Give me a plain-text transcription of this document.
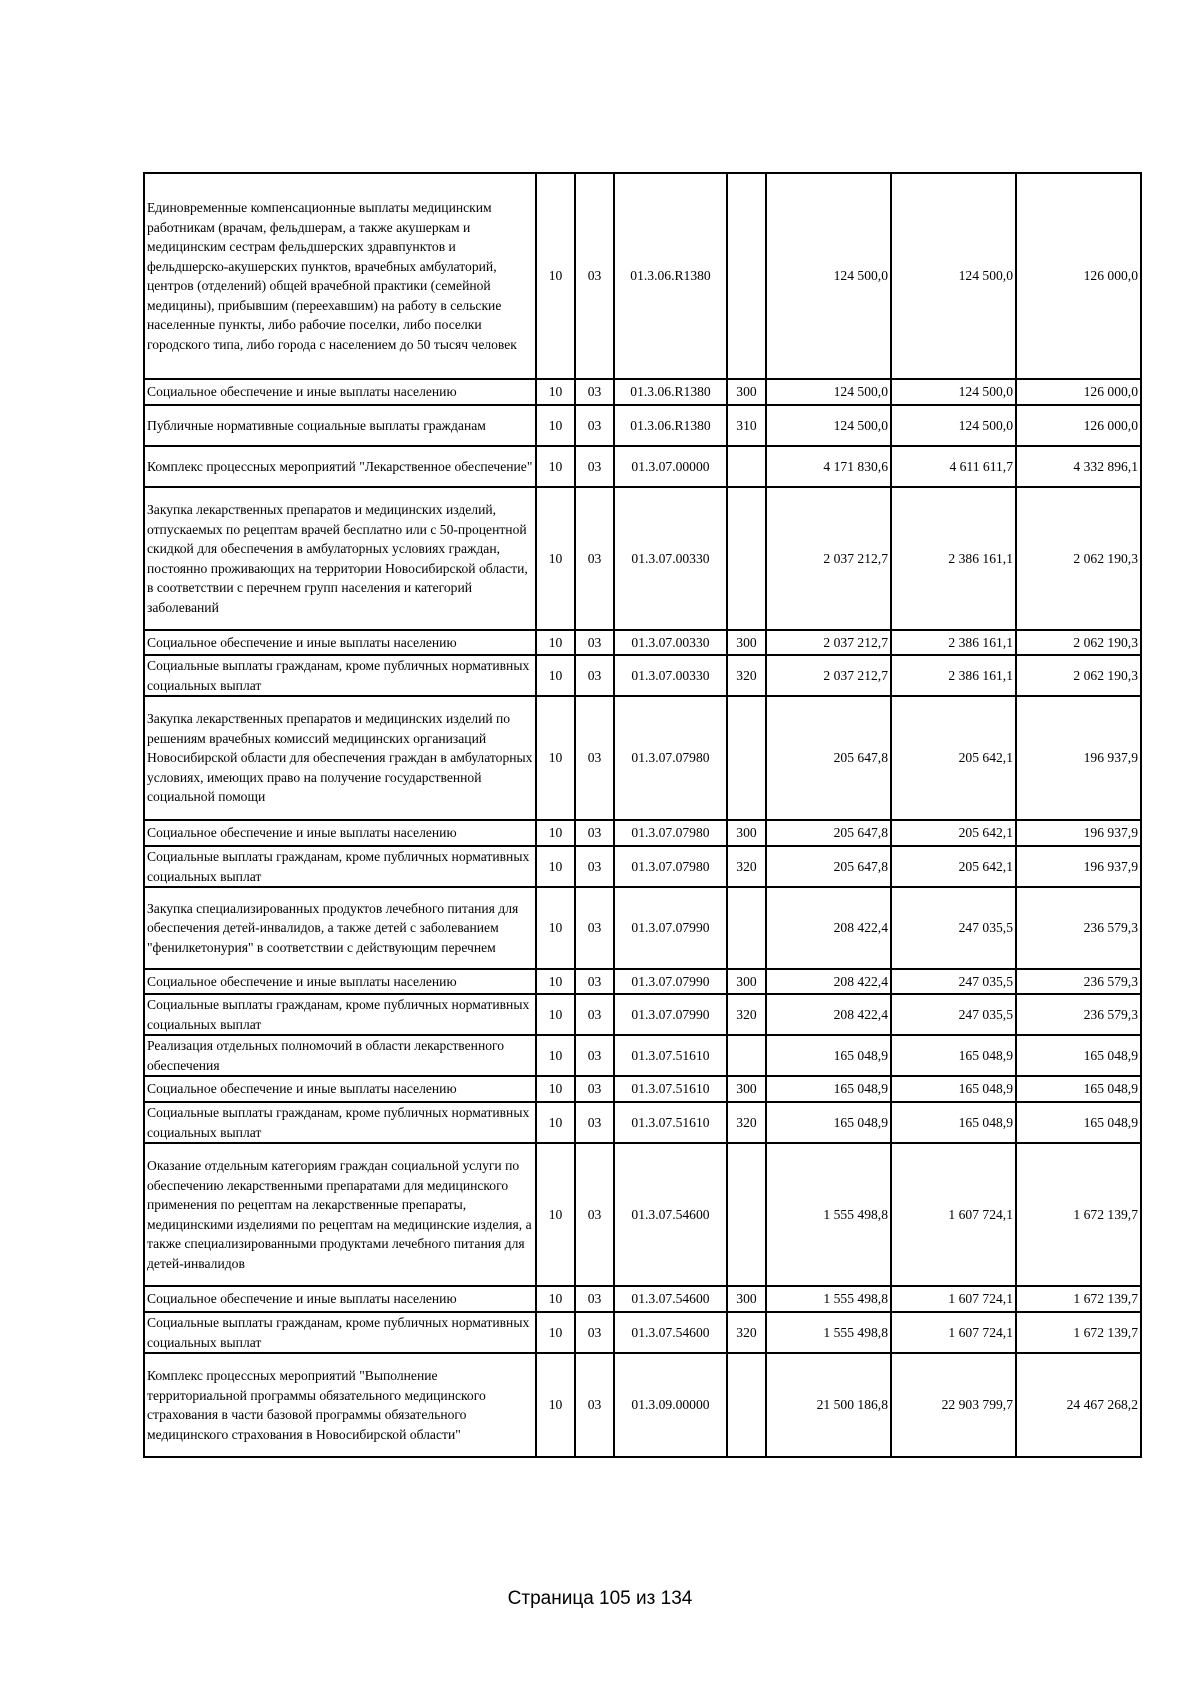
Единовременные компенсационные выплаты медицинским работникам (врачам, фельдшерам, а также акушеркам и медицинским сестрам фельдшерских здравпунктов и фельдшерско-акушерских пунктов, врачебных амбулаторий, центров (отделений) общей врачебной практики (семейной медицины), прибывшим (переехавшим) на работу в сельские населенные пункты, либо рабочие поселки, либо поселки городского типа, либо города с населением до 50 тысяч человек	10	03	01.3.06.R1380		124 500,0	124 500,0	126 000,0
Социальное обеспечение и иные выплаты населению	10	03	01.3.06.R1380	300	124 500,0	124 500,0	126 000,0
Публичные нормативные социальные выплаты гражданам	10	03	01.3.06.R1380	310	124 500,0	124 500,0	126 000,0
Комплекс процессных мероприятий "Лекарственное обеспечение"	10	03	01.3.07.00000		4 171 830,6	4 611 611,7	4 332 896,1
Закупка лекарственных препаратов и медицинских изделий, отпускаемых по рецептам врачей бесплатно или с 50-процентной скидкой для обеспечения в амбулаторных условиях граждан, постоянно проживающих на территории Новосибирской области, в соответствии с перечнем групп населения и категорий заболеваний	10	03	01.3.07.00330		2 037 212,7	2 386 161,1	2 062 190,3
Социальное обеспечение и иные выплаты населению	10	03	01.3.07.00330	300	2 037 212,7	2 386 161,1	2 062 190,3
Социальные выплаты гражданам, кроме публичных нормативных социальных выплат	10	03	01.3.07.00330	320	2 037 212,7	2 386 161,1	2 062 190,3
Закупка лекарственных препаратов и медицинских изделий по решениям врачебных комиссий медицинских организаций Новосибирской области для обеспечения граждан в амбулаторных условиях, имеющих право на получение государственной социальной помощи	10	03	01.3.07.07980		205 647,8	205 642,1	196 937,9
Социальное обеспечение и иные выплаты населению	10	03	01.3.07.07980	300	205 647,8	205 642,1	196 937,9
Социальные выплаты гражданам, кроме публичных нормативных социальных выплат	10	03	01.3.07.07980	320	205 647,8	205 642,1	196 937,9
Закупка специализированных продуктов лечебного питания для обеспечения детей-инвалидов, а также детей с заболеванием "фенилкетонурия" в соответствии с действующим перечнем	10	03	01.3.07.07990		208 422,4	247 035,5	236 579,3
Социальное обеспечение и иные выплаты населению	10	03	01.3.07.07990	300	208 422,4	247 035,5	236 579,3
Социальные выплаты гражданам, кроме публичных нормативных социальных выплат	10	03	01.3.07.07990	320	208 422,4	247 035,5	236 579,3
Реализация отдельных полномочий в области лекарственного обеспечения	10	03	01.3.07.51610		165 048,9	165 048,9	165 048,9
Социальное обеспечение и иные выплаты населению	10	03	01.3.07.51610	300	165 048,9	165 048,9	165 048,9
Социальные выплаты гражданам, кроме публичных нормативных социальных выплат	10	03	01.3.07.51610	320	165 048,9	165 048,9	165 048,9
Оказание отдельным категориям граждан социальной услуги по обеспечению лекарственными препаратами для медицинского применения по рецептам на лекарственные препараты, медицинскими изделиями по рецептам на медицинские изделия, а также специализированными продуктами лечебного питания для детей-инвалидов	10	03	01.3.07.54600		1 555 498,8	1 607 724,1	1 672 139,7
Социальное обеспечение и иные выплаты населению	10	03	01.3.07.54600	300	1 555 498,8	1 607 724,1	1 672 139,7
Социальные выплаты гражданам, кроме публичных нормативных социальных выплат	10	03	01.3.07.54600	320	1 555 498,8	1 607 724,1	1 672 139,7
Комплекс процессных мероприятий "Выполнение территориальной программы обязательного медицинского страхования в части базовой программы обязательного медицинского страхования в Новосибирской области"	10	03	01.3.09.00000		21 500 186,8	22 903 799,7	24 467 268,2
Страница 105 из 134
